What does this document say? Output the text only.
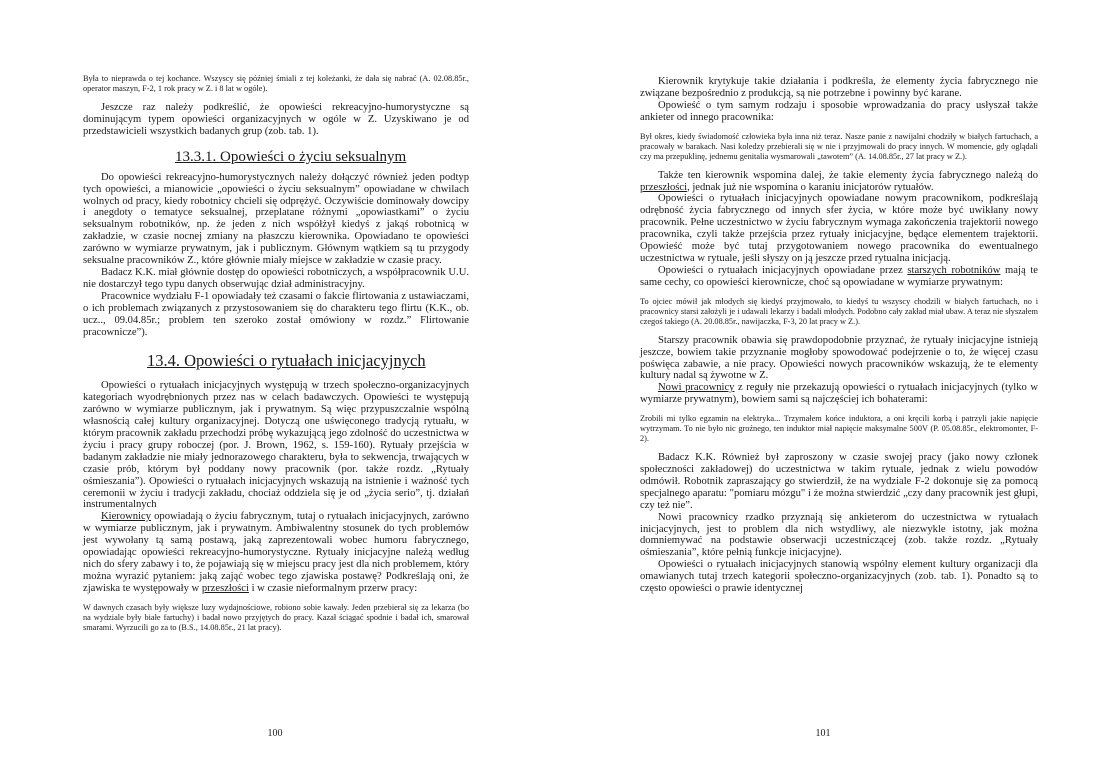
Była to nieprawda o tej kochance. Wszyscy się później śmiali z tej koleżanki, że dała się nabrać (A. 02.08.85r., operator maszyn, F-2, 1 rok pracy w Z. i 8 lat w ogóle).

Jeszcze raz należy podkreślić, że opowieści rekreacyjno-humorystyczne są dominującym typem opowieści organizacyjnych w ogóle w Z. Uzyskiwano je od przedstawicieli wszystkich badanych grup (zob. tab. 1).

13.3.1. Opowieści o życiu seksualnym

Do opowieści rekreacyjno-humorystycznych należy dołączyć również jeden podtyp tych opowieści, a mianowicie „opowieści o życiu seksualnym” opowiadane w chwilach wolnych od pracy, kiedy robotnicy chcieli się odprężyć. Oczywiście dominowały dowcipy i anegdoty o tematyce seksualnej, przeplatane różnymi „opowiastkami” o życiu seksualnym robotników, np. że jeden z nich współżył kiedyś z jakąś robotnicą w zakładzie, w czasie nocnej zmiany na płaszczu kierownika. Opowiadano te opowieści zarówno w wymiarze prywatnym, jak i publicznym. Głównym wątkiem są tu przygody seksualne pracowników Z., które głównie miały miejsce w zakładzie w czasie pracy.

Badacz K.K. miał głównie dostęp do opowieści robotniczych, a współpracownik U.U. nie dostarczył tego typu danych obserwując dział administracyjny.

Pracownice wydziału F-1 opowiadały też czasami o fakcie flirtowania z ustawiaczami, o ich problemach związanych z przystosowaniem się do charakteru tego flirtu (K.K., ob. ucz.., 09.04.85r.; problem ten szeroko został omówiony w rozdz.” Flirtowanie pracownicze”).

13.4. Opowieści o rytuałach inicjacyjnych

Opowieści o rytuałach inicjacyjnych występują w trzech społeczno-organizacyjnych kategoriach wyodrębnionych przez nas w celach badawczych. Opowieści te występują zarówno w wymiarze publicznym, jak i prywatnym. Są więc przypuszczalnie wspólną własnością całej kultury organizacyjnej. Dotyczą one uświęconego tradycją rytuału, w którym pracownik zakładu przechodzi próbę wykazującą jego zdolność do uczestnictwa w życiu i pracy grupy roboczej (por. J. Brown, 1962, s. 159-160). Rytuały przejścia w badanym zakładzie nie miały jednorazowego charakteru, była to sekwencja, trwających w czasie prób, którym był poddany nowy pracownik (por. także rozdz. „Rytuały ośmieszania”). Opowieści o rytuałach inicjacyjnych wskazują na istnienie i ważność tych ceremonii w życiu i tradycji zakładu, chociaż oddziela się je od „życia serio”, tj. działań instrumentalnych

Kierownicy opowiadają o życiu fabrycznym, tutaj o rytuałach inicjacyjnych, zarówno w wymiarze publicznym, jak i prywatnym. Ambiwalentny stosunek do tych problemów jest wywołany tą samą postawą, jaką zaprezentowali wobec humoru fabrycznego, opowiadając opowieści rekreacyjno-humorystyczne. Rytuały inicjacyjne należą według nich do sfery zabawy i to, że pojawiają się w miejscu pracy jest dla nich problemem, który można wyrazić pytaniem: jaką zająć wobec tego zjawiska postawę? Podkreślają oni, że zjawiska te występowały w przeszłości i w czasie nieformalnym przerw pracy:

W dawnych czasach były większe luzy wydajnościowe, robiono sobie kawały. Jeden przebierał się za lekarza (bo na wydziale były białe fartuchy) i badał nowo przyjętych do pracy. Kazał ściągać spodnie i badał ich, smarował smarami. Wyrzucili go za to (B.S., 14.08.85r., 21 lat pracy).

100

Kierownik krytykuje takie działania i podkreśla, że elementy życia fabrycznego nie związane bezpośrednio z produkcją, są nie potrzebne i powinny być karane.

Opowieść o tym samym rodzaju i sposobie wprowadzania do pracy usłyszał także ankieter od innego pracownika:

Był okres, kiedy świadomość człowieka była inna niż teraz. Nasze panie z nawijalni chodziły w białych fartuchach, a pracowały w barakach. Nasi koledzy przebierali się w nie i przyjmowali do pracy innych. W momencie, gdy oglądali czy ma przepuklinę, jednemu genitalia wysmarowali „tawotem” (A. 14.08.85r., 27 lat pracy w Z.).

Także ten kierownik wspomina dalej, że takie elementy życia fabrycznego należą do przeszłości, jednak już nie wspomina o karaniu inicjatorów rytuałów.

Opowieści o rytuałach inicjacyjnych opowiadane nowym pracownikom, podkreślają odrębność życia fabrycznego od innych sfer życia, w które może być uwikłany nowy pracownik. Pełne uczestnictwo w życiu fabrycznym wymaga zakończenia trajektorii nowego pracownika, czyli także przejścia przez rytuały inicjacyjne, będące elementem trajektorii. Opowieść może być tutaj przygotowaniem nowego pracownika do ewentualnego uczestnictwa w rytuale, jeśli słyszy on ją jeszcze przed rytualna inicjacją.

Opowieści o rytuałach inicjacyjnych opowiadane przez starszych robotników mają te same cechy, co opowieści kierownicze, choć są opowiadane w wymiarze prywatnym:

To ojciec mówił jak młodych się kiedyś przyjmowało, to kiedyś tu wszyscy chodzili w białych fartuchach, no i pracownicy starsi założyli je i udawali lekarzy i badali młodych. Podobno cały zakład miał ubaw. A teraz nie słyszałem czegoś takiego (A. 20.08.85r., nawijaczka, F-3, 20 lat pracy w Z.).

Starszy pracownik obawia się prawdopodobnie przyznać, że rytuały inicjacyjne istnieją jeszcze, bowiem takie przyznanie mogłoby spowodować podejrzenie o to, że więcej czasu poświęca zabawie, a nie pracy. Opowieści nowych pracowników wskazują, że te elementy kultury nadal są żywotne w Z.

Nowi pracownicy z reguły nie przekazują opowieści o rytuałach inicjacyjnych (tylko w wymiarze prywatnym), bowiem sami są najczęściej ich bohaterami:

Zrobili mi tylko egzamin na elektryka... Trzymałem końce induktora, a oni kręcili korbą i patrzyli jakie napięcie wytrzymam. To nie było nic groźnego, ten induktor miał napięcie maksymalne 500V (P. 05.08.85r., elektromonter, F-2).

Badacz K.K. Również był zaproszony w czasie swojej pracy (jako nowy członek społeczności zakładowej) do uczestnictwa w takim rytuale, jednak z wielu powodów odmówił. Robotnik zapraszający go stwierdził, że na wydziale F-2 dokonuje się za pomocą specjalnego aparatu: "pomiaru mózgu" i że można stwierdzić „czy dany pracownik jest głupi, czy też nie”.

Nowi pracownicy rzadko przyznają się ankieterom do uczestnictwa w rytuałach inicjacyjnych, jest to problem dla nich wstydliwy, ale niezwykle istotny, jak można domniemywać na podstawie obserwacji uczestniczącej (zob. także rozdz. „Rytuały ośmieszania”, które pełnią funkcje inicjacyjne).

Opowieści o rytuałach inicjacyjnych stanowią wspólny element kultury organizacji dla omawianych tutaj trzech kategorii społeczno-organizacyjnych (zob. tab. 1). Ponadto są to często opowieści o prawie identycznej

101
